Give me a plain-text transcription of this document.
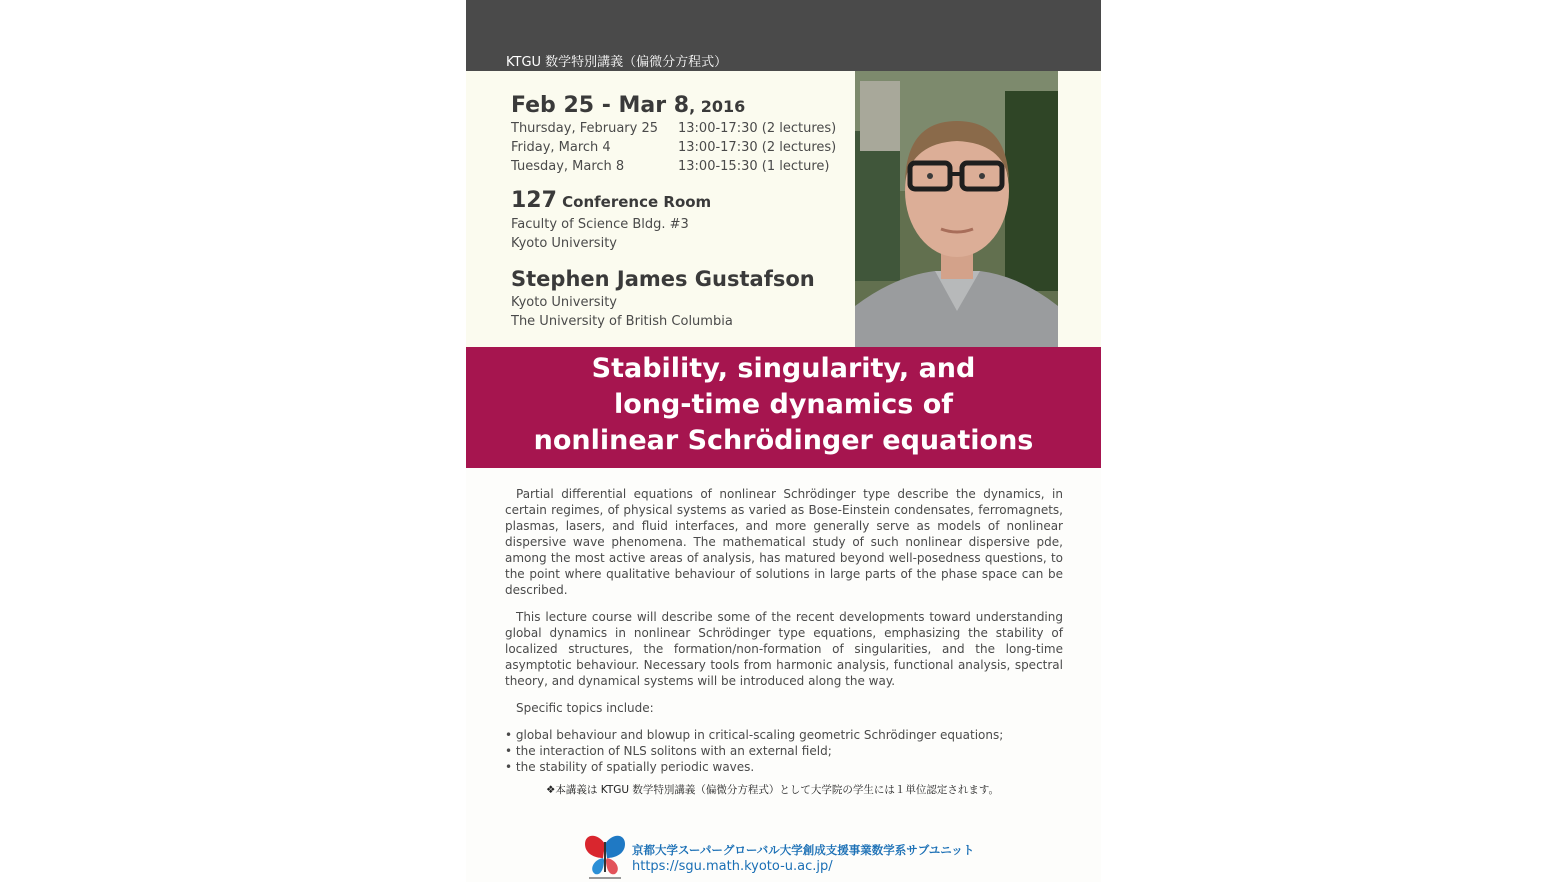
KTGU 数学特別講義（偏微分方程式）
Feb 25 - Mar 8, 2016
Thursday, February 25	13:00-17:30 (2 lectures)
Friday, March 4	13:00-17:30 (2 lectures)
Tuesday, March 8	13:00-15:30 (1 lecture)
127 Conference Room
Faculty of Science Bldg. #3
Kyoto University
Stephen James Gustafson
Kyoto University
The University of British Columbia
Stability, singularity, and
long-time dynamics of
nonlinear Schrödinger equations

Partial differential equations of nonlinear Schrödinger type describe the dynamics, in certain regimes, of physical systems as varied as Bose-Einstein condensates, ferromagnets, plasmas, lasers, and fluid interfaces, and more generally serve as models of nonlinear dispersive wave phenomena. The mathematical study of such nonlinear dispersive pde, among the most active areas of analysis, has matured beyond well-posedness questions, to the point where qualitative behaviour of solutions in large parts of the phase space can be described.

This lecture course will describe some of the recent developments toward understanding global dynamics in nonlinear Schrödinger type equations, emphasizing the stability of localized structures, the formation/non-formation of singularities, and the long-time asymptotic behaviour. Necessary tools from harmonic analysis, functional analysis, spectral theory, and dynamical systems will be introduced along the way.

Specific topics include:

• global behaviour and blowup in critical-scaling geometric Schrödinger equations;
• the interaction of NLS solitons with an external field;
• the stability of spatially periodic waves.
❖本講義は KTGU 数学特別講義（偏微分方程式）として大学院の学生には１単位認定されます。
京都大学スーパーグローバル大学創成支援事業数学系サブユニット
https://sgu.math.kyoto-u.ac.jp/
